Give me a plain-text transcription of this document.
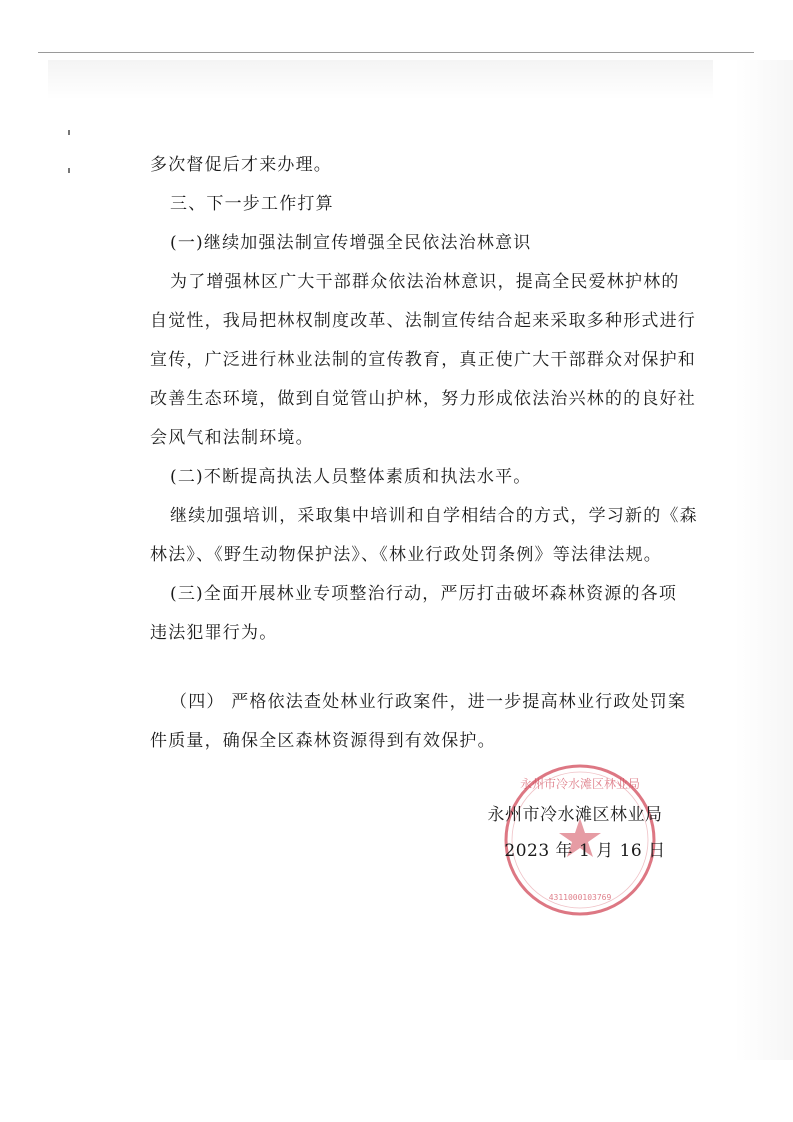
多次督促后才来办理。
三、下一步工作打算
(一)继续加强法制宣传增强全民依法治林意识
为了增强林区广大干部群众依法治林意识，提高全民爱林护林的
自觉性，我局把林权制度改革、法制宣传结合起来采取多种形式进行
宣传，广泛进行林业法制的宣传教育，真正使广大干部群众对保护和
改善生态环境，做到自觉管山护林，努力形成依法治兴林的的良好社
会风气和法制环境。
(二)不断提高执法人员整体素质和执法水平。
继续加强培训，采取集中培训和自学相结合的方式，学习新的《森
林法》、《野生动物保护法》、《林业行政处罚条例》等法律法规。
(三)全面开展林业专项整治行动，严厉打击破坏森林资源的各项
违法犯罪行为。
（四） 严格依法查处林业行政案件，进一步提高林业行政处罚案
件质量，确保全区森林资源得到有效保护。
永州市冷水滩区林业局
4311000103769
永州市冷水滩区林业局
2023 年 1 月 16 日
